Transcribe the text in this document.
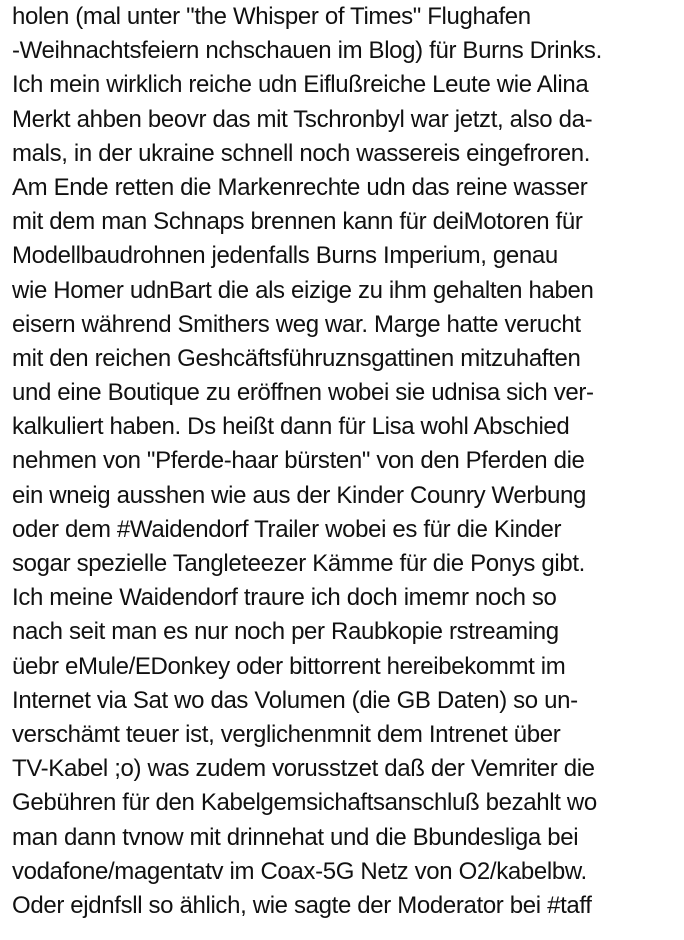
holen (mal unter "the Whisper of Times" Flughafen
-Weihnachtsfeiern nchschauen im Blog) für Burns Drinks.
Ich mein wirklich reiche udn Eiflußreiche Leute wie Alina
Merkt ahben beovr das mit Tschronbyl war jetzt, also da-
mals, in der ukraine schnell noch wassereis eingefroren.
Am Ende retten die Markenrechte udn das reine wasser
mit dem man Schnaps brennen kann für deiMotoren für
Modellbaudrohnen jedenfalls Burns Imperium, genau
wie Homer udnBart die als eizige zu ihm gehalten haben
eisern während Smithers weg war. Marge hatte verucht
mit den reichen Geshcäftsführuznsgattinen mitzuhaften
und eine Boutique zu eröffnen wobei sie udnisa sich ver-
kalkuliert haben. Ds heißt dann für Lisa wohl Abschied
nehmen von "Pferde-haar bürsten" von den Pferden die
ein wneig ausshen wie aus der Kinder Counry Werbung
oder dem #Waidendorf Trailer wobei es für die Kinder
sogar spezielle Tangleteezer Kämme für die Ponys gibt.
Ich meine Waidendorf traure ich doch imemr noch so
nach seit man es nur noch per Raubkopie rstreaming
üebr eMule/EDonkey oder bittorrent hereibekommt im
Internet via Sat wo das Volumen (die GB Daten) so un-
verschämt teuer ist, verglichenmnit dem Intrenet über
TV-Kabel ;o) was zudem vorusstzet daß der Vemriter die
Gebühren für den Kabelgemsichaftsanschluß bezahlt wo
man dann tvnow mit drinnehat und die Bbundesliga bei
vodafone/magentatv im Coax-5G Netz von O2/kabelbw.
Oder ejdnfsll so ählich, wie sagte der Moderator bei #taff
